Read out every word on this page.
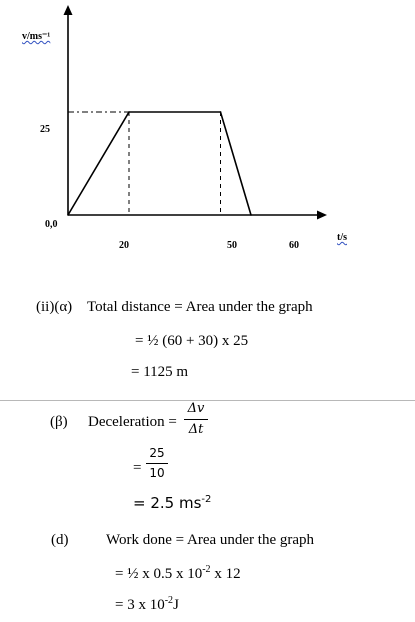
v/ms⁻¹
25
0,0
20	50	60
t/s
(ii)(α) Total distance = Area under the graph
= ½ (60 + 30) x 25
= 1125 m
(β) Deceleration =
Δv
Δt
=
25
10
= 2.5 $ms^{-2}$
(d)	Work done = Area under the graph
= ½ x 0.5 x $10^{-2}$ x 12
= 3 x $10^{-2}J$
